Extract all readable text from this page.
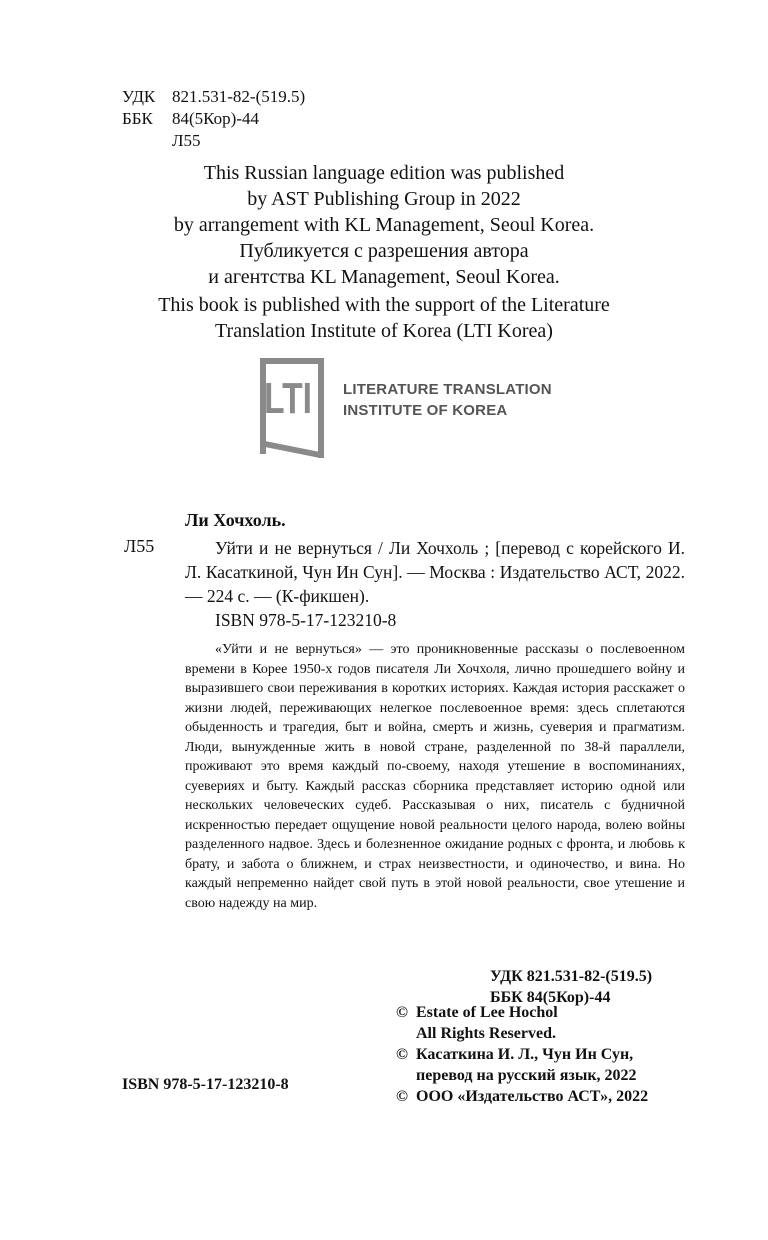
УДК 821.531-82-(519.5)
ББК	84(5Кор)-44
Л55
This Russian language edition was published
by AST Publishing Group in 2022
by arrangement with KL Management, Seoul Korea.
Публикуется с разрешения автора
и агентства KL Management, Seoul Korea.
This book is published with the support of the Literature
Translation Institute of Korea (LTI Korea)
LTI LITERATURE TRANSLATION
INSTITUTE OF KOREA
Ли Хочхоль.
Л55	Уйти и не вернуться / Ли Хочхоль ; [перевод с корейского И. Л. Касаткиной, Чун Ин Сун]. — Москва : Издательство АСТ, 2022. — 224 с. — (К-фикшен).
ISBN 978-5-17-123210-8
«Уйти и не вернуться» — это проникновенные рассказы о послевоенном времени в Корее 1950-х годов писателя Ли Хочхоля, лично прошедшего войну и выразившего свои переживания в коротких историях. Каждая история расскажет о жизни людей, переживающих нелегкое послевоенное время: здесь сплетаются обыденность и трагедия, быт и война, смерть и жизнь, суеверия и прагматизм. Люди, вынужденные жить в новой стране, разделенной по 38-й параллели, проживают это время каждый по-своему, находя утешение в воспоминаниях, суевериях и быту. Каждый рассказ сборника представляет историю одной или нескольких человеческих судеб. Рассказывая о них, писатель с будничной искренностью передает ощущение новой реальности целого народа, волею войны разделенного надвое. Здесь и болезненное ожидание родных с фронта, и любовь к брату, и забота о ближнем, и страх неизвестности, и одиночество, и вина. Но каждый непременно найдет свой путь в этой новой реальности, свое утешение и свою надежду на мир.
УДК 821.531-82-(519.5)
ББК 84(5Кор)-44
© Estate of Lee Hochol
All Rights Reserved.
© Касаткина И. Л., Чун Ин Сун,
перевод на русский язык, 2022
© ООО «Издательство АСТ», 2022
ISBN 978-5-17-123210-8
